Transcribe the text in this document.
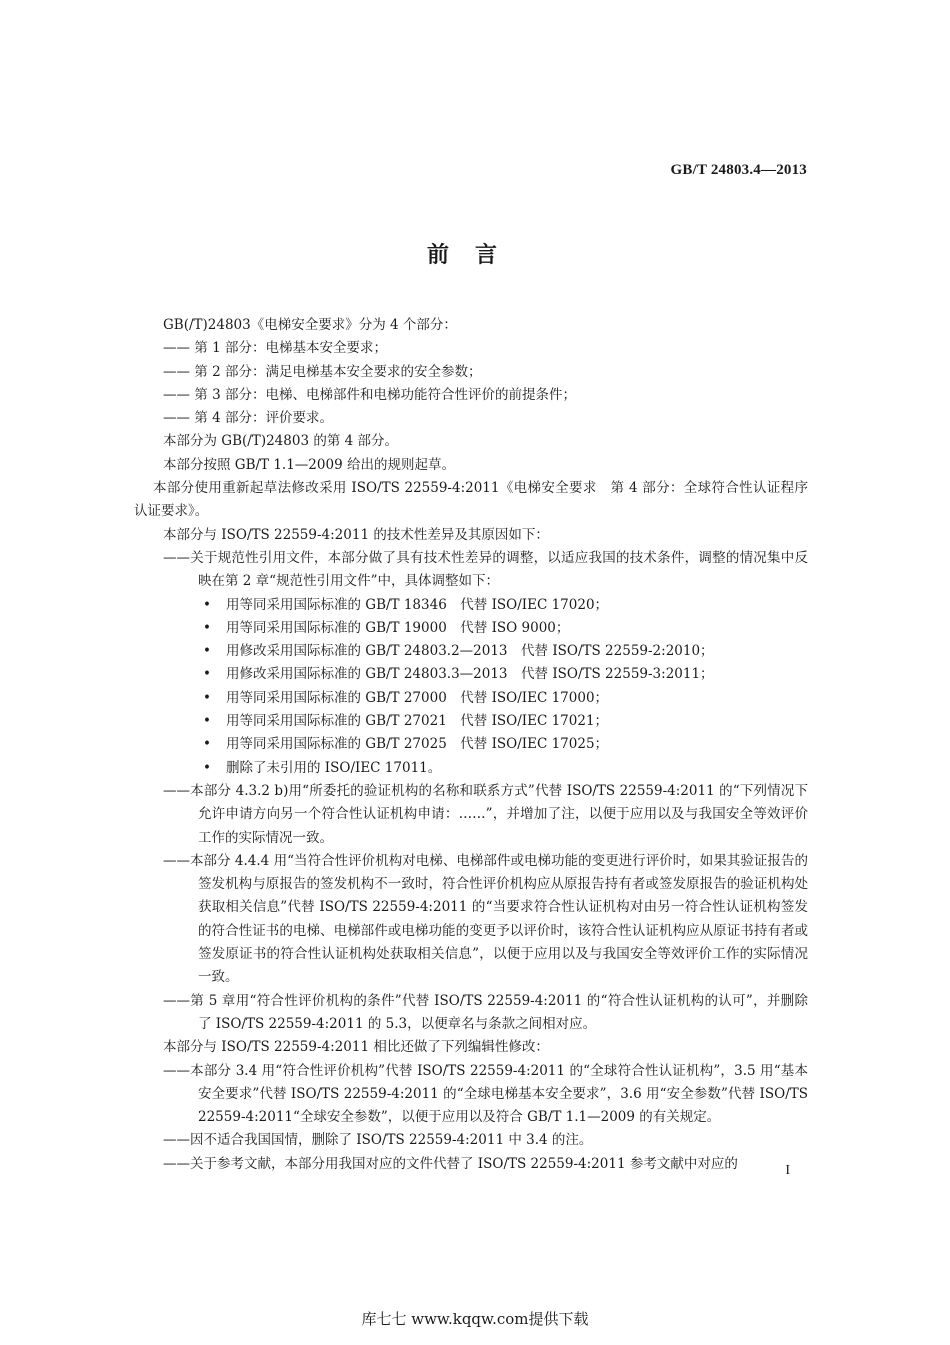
GB/T 24803.4—2013
前言
GB(/T)24803《电梯安全要求》分为 4 个部分：
—— 第 1 部分：电梯基本安全要求；
—— 第 2 部分：满足电梯基本安全要求的安全参数；
—— 第 3 部分：电梯、电梯部件和电梯功能符合性评价的前提条件；
—— 第 4 部分：评价要求。
本部分为 GB(/T)24803 的第 4 部分。
本部分按照 GB/T 1.1—2009 给出的规则起草。
本部分使用重新起草法修改采用 ISO/TS 22559-4:2011《电梯安全要求　第 4 部分：全球符合性认证程序　认证要求》。
本部分与 ISO/TS 22559-4:2011 的技术性差异及其原因如下：
——关于规范性引用文件，本部分做了具有技术性差异的调整，以适应我国的技术条件，调整的情况集中反映在第 2 章“规范性引用文件”中，具体调整如下：
• 用等同采用国际标准的 GB/T 18346　代替 ISO/IEC 17020；
• 用等同采用国际标准的 GB/T 19000　代替 ISO 9000；
• 用修改采用国际标准的 GB/T 24803.2—2013　代替 ISO/TS 22559-2:2010；
• 用修改采用国际标准的 GB/T 24803.3—2013　代替 ISO/TS 22559-3:2011；
• 用等同采用国际标准的 GB/T 27000　代替 ISO/IEC 17000；
• 用等同采用国际标准的 GB/T 27021　代替 ISO/IEC 17021；
• 用等同采用国际标准的 GB/T 27025　代替 ISO/IEC 17025；
• 删除了未引用的 ISO/IEC 17011。
——本部分 4.3.2 b)用“所委托的验证机构的名称和联系方式”代替 ISO/TS 22559-4:2011 的“下列情况下允许申请方向另一个符合性认证机构申请：……”，并增加了注，以便于应用以及与我国安全等效评价工作的实际情况一致。
——本部分 4.4.4 用“当符合性评价机构对电梯、电梯部件或电梯功能的变更进行评价时，如果其验证报告的签发机构与原报告的签发机构不一致时，符合性评价机构应从原报告持有者或签发原报告的验证机构处获取相关信息”代替 ISO/TS 22559-4:2011 的“当要求符合性认证机构对由另一符合性认证机构签发的符合性证书的电梯、电梯部件或电梯功能的变更予以评价时，该符合性认证机构应从原证书持有者或签发原证书的符合性认证机构处获取相关信息”，以便于应用以及与我国安全等效评价工作的实际情况一致。
——第 5 章用“符合性评价机构的条件”代替 ISO/TS 22559-4:2011 的“符合性认证机构的认可”，并删除了 ISO/TS 22559-4:2011 的 5.3，以便章名与条款之间相对应。
本部分与 ISO/TS 22559-4:2011 相比还做了下列编辑性修改：
——本部分 3.4 用“符合性评价机构”代替 ISO/TS 22559-4:2011 的“全球符合性认证机构”，3.5 用“基本安全要求”代替 ISO/TS 22559-4:2011 的“全球电梯基本安全要求”，3.6 用“安全参数”代替 ISO/TS 22559-4:2011“全球安全参数”，以便于应用以及符合 GB/T 1.1—2009 的有关规定。
——因不适合我国国情，删除了 ISO/TS 22559-4:2011 中 3.4 的注。
——关于参考文献，本部分用我国对应的文件代替了 ISO/TS 22559-4:2011 参考文献中对应的	I
库七七 www.kqqw.com提供下载
